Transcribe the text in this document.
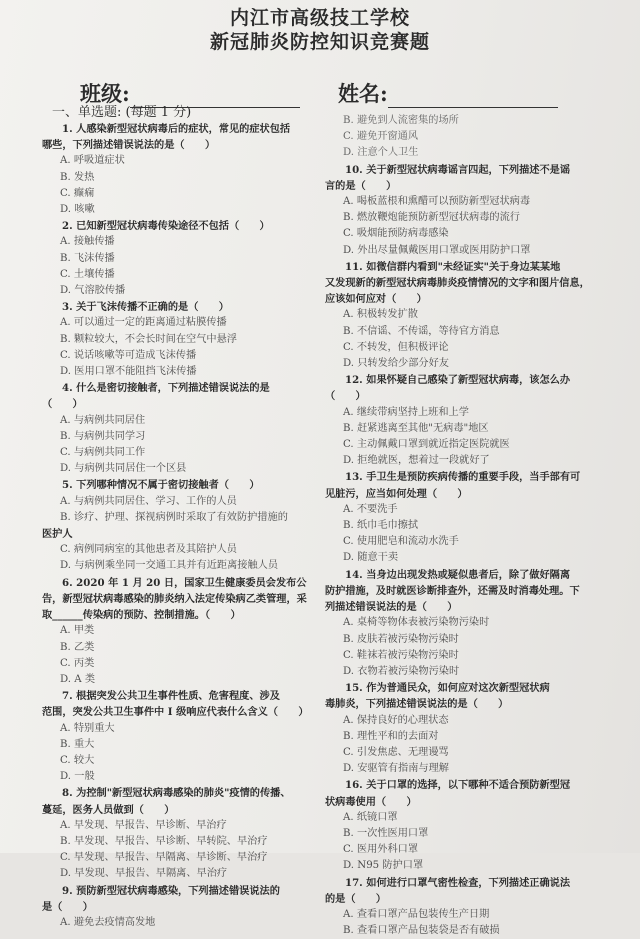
内江市高级技工学校
新冠肺炎防控知识竞赛题
班级:	姓名:
一、单选题: (每题 1 分)
1. 人感染新型冠状病毒后的症状，常见的症状包括
哪些，下列描述错误说法的是（　　）
A. 呼吸道症状
B. 发热
C. 癫痫
D. 咳嗽
2. 已知新型冠状病毒传染途径不包括（　　）
A. 接触传播
B. 飞沫传播
C. 土壤传播
D. 气溶胶传播
3. 关于飞沫传播不正确的是（　　）
A. 可以通过一定的距离通过粘膜传播
B. 颗粒较大，不会长时间在空气中悬浮
C. 说话咳嗽等可造成飞沫传播
D. 医用口罩不能阻挡飞沫传播
4. 什么是密切接触者，下列描述错误说法的是
（　　）
A. 与病例共同居住
B. 与病例共同学习
C. 与病例共同工作
D. 与病例共同居住一个区县
5. 下列哪种情况不属于密切接触者（　　）
A. 与病例共同居住、学习、工作的人员
B. 诊疗、护理、探视病例时采取了有效防护措施的
医护人
C. 病例同病室的其他患者及其陪护人员
D. 与病例乘坐同一交通工具并有近距离接触人员
6. 2020 年 1 月 20 日，国家卫生健康委员会发布公
告，新型冠状病毒感染的肺炎纳入法定传染病乙类管理，采
取______传染病的预防、控制措施。（　　）
A. 甲类
B. 乙类
C. 丙类
D. A 类
7. 根据突发公共卫生事件性质、危害程度、涉及
范围，突发公共卫生事件中 I 级响应代表什么含义（　　）
A. 特别重大
B. 重大
C. 较大
D. 一般
8. 为控制"新型冠状病毒感染的肺炎"疫情的传播、
蔓延，医务人员做到（　　）
A. 早发现、早报告、早诊断、早治疗
B. 早发现、早报告、早诊断、早转院、早治疗
C. 早发现、早报告、早隔离、早诊断、早治疗
D. 早发现、早报告、早隔离、早治疗
9. 预防新型冠状病毒感染，下列描述错误说法的
是（　　）
A. 避免去疫情高发地
B. 避免到人流密集的场所
C. 避免开窗通风
D. 注意个人卫生
10. 关于新型冠状病毒谣言四起，下列描述不是谣
言的是（　　）
A. 喝板蓝根和熏醋可以预防新型冠状病毒
B. 燃放鞭炮能预防新型冠状病毒的流行
C. 吸烟能预防病毒感染
D. 外出尽量佩戴医用口罩或医用防护口罩
11. 如微信群内看到"未经证实"关于身边某某地
又发现新的新型冠状病毒肺炎疫情情况的文字和图片信息，
应该如何应对（　　）
A. 积极转发扩散
B. 不信谣、不传谣，等待官方消息
C. 不转发，但积极评论
D. 只转发给少部分好友
12. 如果怀疑自己感染了新型冠状病毒，该怎么办
（　　）
A. 继续带病坚持上班和上学
B. 赶紧逃离至其他"无病毒"地区
C. 主动佩戴口罩到就近指定医院就医
D. 拒绝就医，想着过一段就好了
13. 手卫生是预防疾病传播的重要手段，当手部有可
见脏污，应当如何处理（　　）
A. 不要洗手
B. 纸巾毛巾擦拭
C. 使用肥皂和流动水洗手
D. 随意干卖
14. 当身边出现发热或疑似患者后，除了做好隔离
防护措施，及时就医诊断排查外，还需及时消毒处理。下
列描述错误说法的是（　　）
A. 桌椅等物体表被污染物污染时
B. 皮肤若被污染物污染时
C. 鞋袜若被污染物污染时
D. 衣物若被污染物污染时
15. 作为普通民众，如何应对这次新型冠状病
毒肺炎，下列描述错误说法的是（　　）
A. 保持良好的心理状态
B. 理性平和的去面对
C. 引发焦虑、无理谩骂
D. 安驱管有指南与理解
16. 关于口罩的选择，以下哪种不适合预防新型冠
状病毒使用（　　）
A. 纸镜口罩
B. 一次性医用口罩
C. 医用外科口罩
D. N95 防护口罩
17. 如何进行口罩气密性检查，下列描述正确说法
的是（　　）
A. 查看口罩产品包装传生产日期
B. 查看口罩产品包装袋是否有破损
